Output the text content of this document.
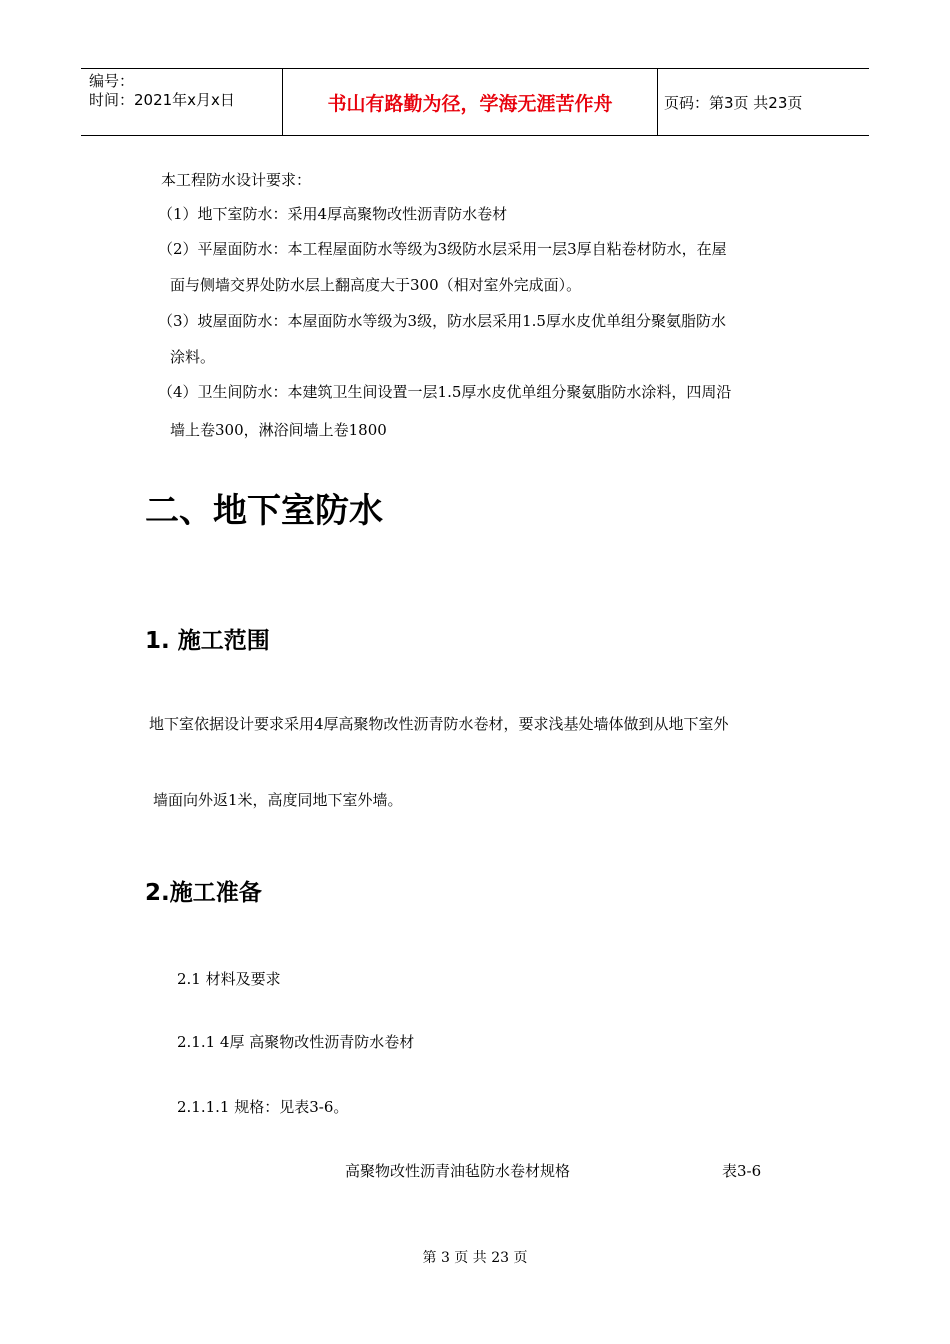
编号：
时间：2021年x月x日	书山有路勤为径，学海无涯苦作舟	页码：第3页 共23页
本工程防水设计要求：
（1）地下室防水：采用4厚高聚物改性沥青防水卷材
（2）平屋面防水：本工程屋面防水等级为3级防水层采用一层3厚自粘卷材防水，在屋
面与侧墙交界处防水层上翻高度大于300（相对室外完成面）。
（3）坡屋面防水：本屋面防水等级为3级，防水层采用1.5厚水皮优单组分聚氨脂防水
涂料。
（4）卫生间防水：本建筑卫生间设置一层1.5厚水皮优单组分聚氨脂防水涂料，四周沿
墙上卷300，淋浴间墙上卷1800
二、地下室防水
1. 施工范围
地下室依据设计要求采用4厚高聚物改性沥青防水卷材，要求浅基处墙体做到从地下室外
墙面向外返1米，高度同地下室外墙。
2.施工准备
2.1 材料及要求
2.1.1 4厚 高聚物改性沥青防水卷材
2.1.1.1 规格：见表3-6。
高聚物改性沥青油毡防水卷材规格	表3-6
第 3 页 共 23 页
